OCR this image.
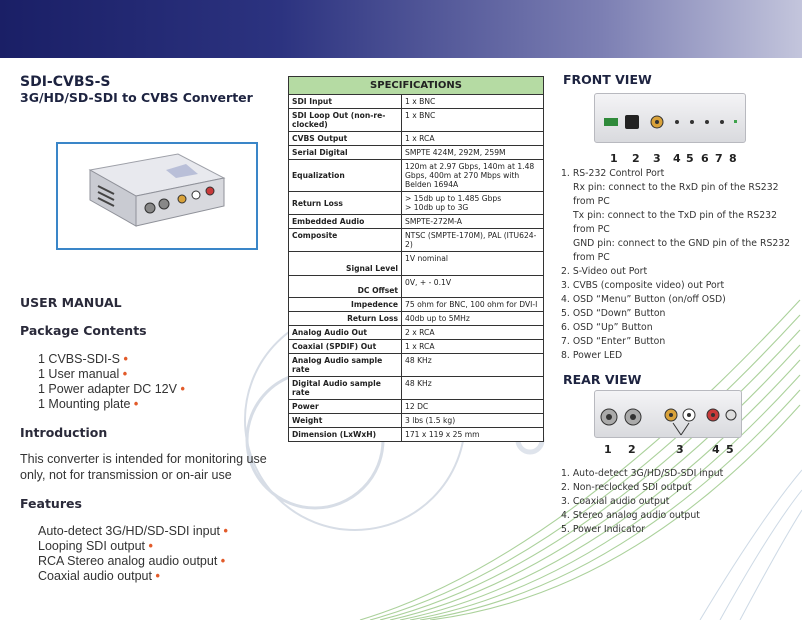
SDI-CVBS-S
3G/HD/SD-SDI to CVBS Converter
USER MANUAL
Package Contents
1 CVBS-SDI-S •
1 User manual •
1 Power adapter DC 12V •
1 Mounting plate •
Introduction
This converter is intended for monitoring use only, not for transmission or on-air use
Features
Auto-detect 3G/HD/SD-SDI input •
Looping SDI output •
RCA Stereo analog audio output •
Coaxial audio output •
SPECIFICATIONS	
SDI Input	1 x BNC
SDI Loop Out (non-re-clocked)	1 x BNC
CVBS Output	1 x RCA
Serial Digital	SMPTE 424M, 292M, 259M
Equalization	120m at 2.97 Gbps, 140m at 1.48 Gbps, 400m at 270 Mbps with Belden 1694A
Return Loss	> 15db up to 1.485 Gbps
> 10db up to 3G
Embedded Audio	SMPTE-272M-A
Composite	NTSC (SMPTE-170M), PAL (ITU624-2)
Signal Level	1V nominal
DC Offset	0V, + - 0.1V
Impedence	75 ohm for BNC, 100 ohm for DVI-I
Return Loss	40db up to 5MHz
Analog Audio Out	2 x RCA
Coaxial (SPDIF) Out	1 x RCA
Analog Audio sample rate	48 KHz
Digital Audio sample rate	48 KHz
Power	12 DC
Weight	3 lbs (1.5 kg)
Dimension (LxWxH)	171 x 119 x 25 mm
FRONT VIEW
1 2 3 4 5 6 7 8
1. RS-232 Control Port
Rx pin: connect to the RxD pin of the RS232 from PC
Tx pin: connect to the TxD pin of the RS232 from PC
GND pin: connect to the GND pin of the RS232 from PC
2. S-Video out Port
3. CVBS (composite video) out Port
4. OSD “Menu” Button (on/off OSD)
5. OSD “Down” Button
6. OSD “Up” Button
7. OSD “Enter” Button
8. Power LED
REAR VIEW
1 2	3	4 5
1. Auto-detect 3G/HD/SD-SDI input
2. Non-reclocked SDI output
3. Coaxial audio output
4. Stereo analog audio output
5. Power Indicator
